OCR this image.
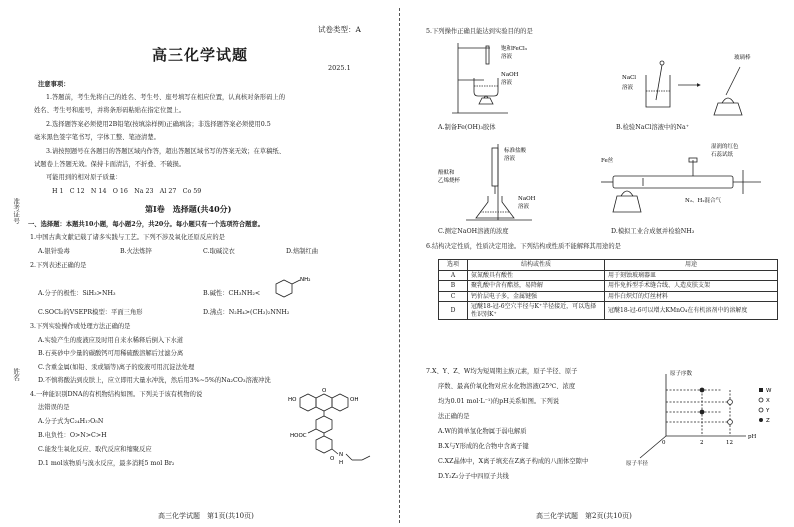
准考证号
姓名
试卷类型：A
高三化学试题
2025.1
注意事项：
1.答题前，考生先将自己的姓名、考生号、座号填写在相应位置，认真核对条形码上的
姓名、考生号和座号，并将条形码粘贴在指定位置上。
2.选择题答案必须使用2B铅笔(按填涂样例)正确填涂；非选择题答案必须使用0.5
毫米黑色签字笔书写，字体工整、笔迹清楚。
3.请按照题号在各题目的答题区域内作答，超出答题区域书写的答案无效；在草稿纸、
试题卷上答题无效。保持卡面清洁，不折叠、不破损。
可能用到的相对原子质量：
H 1　C 12　N 14　O 16　Na 23　Al 27　Co 59
第Ⅰ卷　选择题(共40分)
一、选择题：本题共10小题，每小题2分，共20分。每小题只有一个选项符合题意。
1.中国古典文献记载了诸多实践与工艺。下列不涉及氧化还原反应的是
A.银针验毒	B.火法炼锌	C.取碱浣衣	D.焙制红曲
2.下列表述正确的是
A.分子的极性：SiH₃>NH₃	B.碱性：CH₃NH₂<
NH₂
C.SOCl₂的VSEPR模型：平面三角形	D.沸点：N₂H₄>(CH₃)₂NNH₂
3.下列实验操作或处理方法正确的是
A.实验产生的废液应及时用自来水稀释后倒入下水道
B.石英砂中少量的碳酸钙可用稀硫酸溶解后过滤分离
C.含重金属(如铅、汞或镉等)离子的废液可用沉淀法处理
D.不慎将酸沾到皮肤上，应立即用大量水冲洗，然后用3%~5%的Na₂CO₃溶液冲洗
4.一种能识别DNA的有机物结构如图。下列关于该有机物的说
法错误的是
A.分子式为C₂₄H₁₇O₅N
B.电负性：O>N>C>H
C.能发生氧化反应、取代反应和缩聚反应
D.1 mol该物质与溴水反应，最多消耗5 mol Br₂
HO
O
OH
HOOC
N
H
O
高三化学试题　第1页(共10页)
5.下列操作正确且能达到实验目的的是
饱和FeCl₃
溶液
NaOH
溶液
NaCl
溶液
玻璃棒
A.制备Fe(OH)₃胶体	B.检验NaCl溶液中的Na⁺
酚酞和
乙烯烧杯
标准盐酸
溶液
NaOH
溶液
Fe丝
湿润的红色
石蕊试纸
N₂、H₂混合气
C.测定NaOH溶液的浓度	D.模拟工业合成氨并检验NH₃
6.结构决定性质，性质决定用途。下列结构或性质不能解释其用途的是
选项	结构或性质	用途
A	氨氮酸具有酸性	用于刻蚀玻璃器皿
B	聚乳酸中含有酯基，易降解	用作免拆型手术缝合线、人造皮肤支架
C	钙价层电子多，金属键强	用作白炽灯的灯丝材料
D	冠醚18-冠-6空穴半径与K⁺半径接近，可以选择性识别K⁺	冠醚18-冠-6可以增大KMnO₄在有机溶剂中的溶解度
7.X、Y、Z、W均为短周期主族元素，原子半径、原子
序数、最高价氧化物对应水化物溶液(25℃、浓度
均为0.01 mol·L⁻¹)的pH关系如图。下列说
法正确的是
A.W的简单氢化物属于弱电解质
B.X与Y形成的化合物中含离子键
C.XZ晶体中，X离子填充在Z离子构成的八面体空隙中
D.Y₂Z₂分子中四原子共线
原子序数
原子半径
pH
0	2	12
W
X
Y
Z
高三化学试题　第2页(共10页)
